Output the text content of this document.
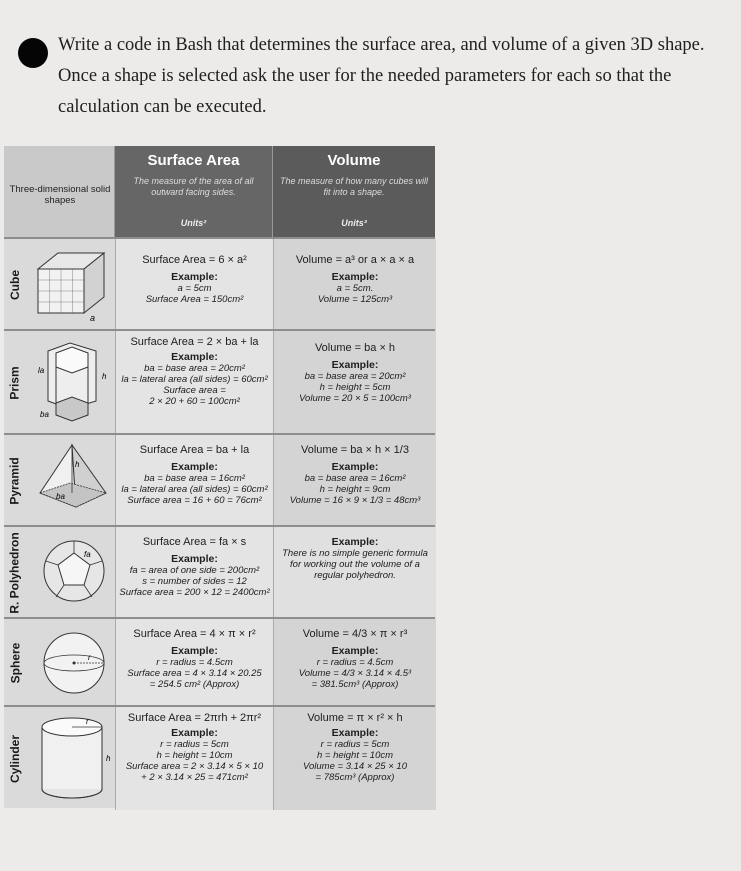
Write a code in Bash that determines the surface area, and volume of a given 3D shape.

Once a shape is selected ask the user for the needed parameters for each so that the

calculation can be executed.

Three-dimensional solid shapes
Surface Area
The measure of the area of all outward facing sides.
Units²
Volume
The measure of how many cubes will fit into a shape.
Units³
Cube
a
Surface Area = 6 × a²
Example:
a = 5cm
Surface Area = 150cm²
Volume = a³ or a × a × a
Example:
a = 5cm.
Volume = 125cm³
Prism la
h
ba
Surface Area = 2 × ba + la
Example:
ba = base area = 20cm²
la = lateral area (all sides) = 60cm²
Surface area =
2 × 20 + 60 = 100cm²
Volume = ba × h
Example:
ba = base area = 20cm²
h = height = 5cm
Volume = 20 × 5 = 100cm³
Pyramid	h
ba
Surface Area = ba + la
Example:
ba = base area = 16cm²
la = lateral area (all sides) = 60cm²
Surface area = 16 + 60 = 76cm²
Volume = ba × h × 1/3
Example:
ba = base area = 16cm²
h = height = 9cm
Volume = 16 × 9 × 1/3 = 48cm³
R. Polyhedron	fa
Surface Area = fa × s
Example:
fa = area of one side = 200cm²
s = number of sides = 12
Surface area = 200 × 12 = 2400cm²
Example:
There is no simple generic formula for working out the volume of a regular polyhedron.
Sphere	r
Surface Area = 4 × π × r²
Example:
r = radius = 4.5cm
Surface area = 4 × 3.14 × 20.25
= 254.5 cm² (Approx)
Volume = 4/3 × π × r³
Example:
r = radius = 4.5cm
Volume = 4/3 × 3.14 × 4.5³
= 381.5cm³ (Approx)
Cylinder
r
h
Surface Area = 2πrh + 2πr²
Example:
r = radius = 5cm
h = height = 10cm
Surface area = 2 × 3.14 × 5 × 10
+ 2 × 3.14 × 25 = 471cm²
Volume = π × r² × h
Example:
r = radius = 5cm
h = height = 10cm
Volume = 3.14 × 25 × 10
= 785cm³ (Approx)
